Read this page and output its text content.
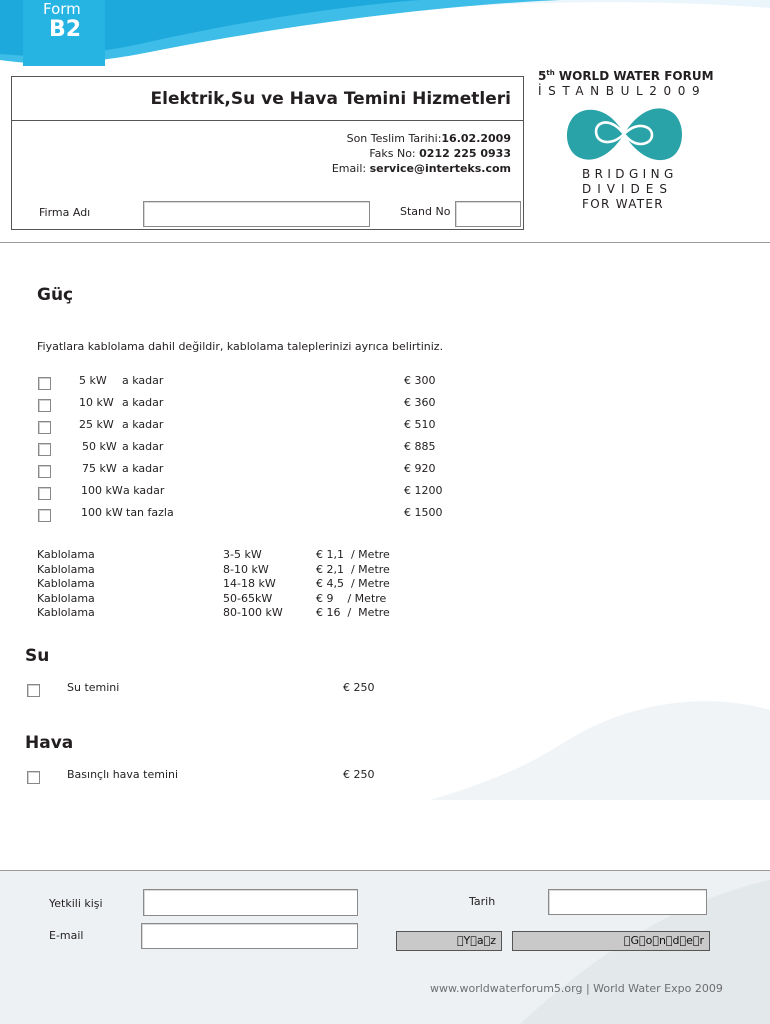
Form
B2
Elektrik,Su ve Hava Temini Hizmetleri
Son Teslim Tarihi:16.02.2009
Faks No: 0212 225 0933
Email: service@interteks.com
Firma Adı	Stand No
5th WORLD WATER FORUM
İSTANBUL2009
BRIDGING
DIVIDES
FOR WATER
Güç
Fiyatlara kablolama dahil değildir, kablolama taleplerinizi ayrıca belirtiniz.
5 kW a kadar	€ 300
10 kW a kadar	€ 360
25 kW a kadar	€ 510
50 kW a kadar	€ 885
75 kW a kadar	€ 920
100 kW a kadar	€ 1200
100 kW tan fazla	€ 1500
Kablolama	3-5 kW	€ 1,1  / Metre
Kablolama	8-10 kW	€ 2,1  / Metre
Kablolama	14-18 kW	€ 4,5  / Metre
Kablolama	50-65kW	€ 9    / Metre
Kablolama	80-100 kW	€ 16  /  Metre
Su
Su temini	€ 250
Hava
Basınçlı hava temini	€ 250
Yetkili kişi
E-mail
Tarih
 Y a z	 G o n d e r
www.worldwaterforum5.org | World Water Expo 2009
